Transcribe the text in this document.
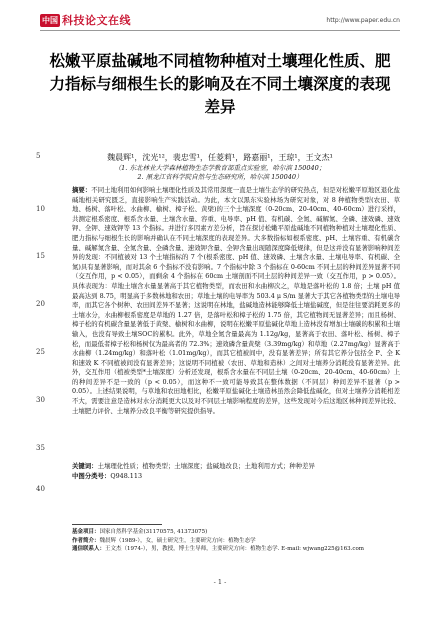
中国 科技论文在线	http://www.paper.edu.cn
松嫩平原盐碱地不同植物种植对土壤理化性质、肥力指标与细根生长的影响及在不同土壤深度的表现差异
魏晨辉¹，沈光¹²，裴忠雪¹，任菱莉¹，路嘉丽¹，王琼¹，王文杰¹
（1. 东北林业大学森林植物生态学教育部重点实验室，哈尔滨 150040；
2. 黑龙江省科学院自然与生态研究所，哈尔滨 150040）
5
10
15
20
25
30
35
40
摘要：不同土地利用如何影响土壤理化性质及其常用深度一直是土壤生态学的研究热点，但是对松嫩平原地区退化盐碱地相关研究匮乏，直接影响生产实践活动。为此，本文以黑东实验林场为研究对象，对 8 种植物类型(农田、草地、杨树、落叶松、水曲柳、榆树、樟子松、黄檗)的三个土壤深度（0-20cm、20-40cm、40-60cm）进行采样，共测定根系密度、根系含水量、土壤含水量、容重、电导率、pH 值、有机碳、全氮、碱解氮、全磷、速效磷、速效钾、全钾、速效钾等 13 个指标。并进行多因素方差分析，旨在探讨松嫩平原盐碱地不同植物种植对土壤理化性质、肥力指标与细根生长的影响并确认在不同土壤深度的表现差异。大多数指标如根系密度、pH、土壤容重、有机碳含量、碱解氮含量、全氮含量、全磷含量、速效钾含量、全钾含量出现随深度降低规律，但是这并没有显著影响种间差异的发现：不同植被对 13 个土壤指标的 7 个(根系密度、pH 值、速效磷、土壤含水量、土壤电导率、有机碳、全氮)具有显著影响，而对其余 6 个指标不没有影响。7 个指标中除 3 个指标在 0-60cm 不同土层的种间差异显著不同（交互作用，p < 0.05），而剩余 4 个指标在 60cm 土壤剖面不同土层的种间差异一致（交互作用，p > 0.05）。具体表现为：草地土壤含水量显著高于其它植物类型，而农田和水曲柳次之，草地是落叶松的 1.8 倍；土壤 pH 值最高达到 8.75，明显高于多数林地和农田；草地土壤的电导率为 503.4 μ S/m 显著大于其它各植物类型的土壤电导率，而其它各个树种、农田间差异不显著；这说明在林地，盐碱地造林能够降低土壤盐碱度，但是往往要消耗更多的土壤水分，水曲柳根系密度是草地的 1.27 倍，是落叶松和樟子松的 1.75 倍，其它植物间无显著差异；而且杨树、樟子松的有机碳含量显著低于黄檗、榆树和水曲柳，说明在松嫩平原盐碱化草地上造林没有增加土壤碳的积累和土壤输入，也没有导致土壤SOC的累积。此外，草地全氮含量最高为 1.12g/kg，显著高于农田、落叶松、杨树、樟子松，而最低者樟子松和杨树仅为最高者的 72.3%；速效磷含量黄檗（3.39mg/kg）和草地（2.27mg/kg）显著高于水曲柳（1.24mg/kg）和落叶松（1.01mg/kg），而其它植被间中，没有显著差异；所有其它养分包括全 P、全 K 和速效 K 不同植被间没有显著差异；这说明不同植被（农田、草地和造林）之间对土壤养分消耗没有显著差异。此外，交互作用（植被类型*土壤深度）分析还发现，根系含水量在不同层土壤（0-20cm、20-40cm、40-60cm）上的种间差异不是一致的（p < 0.05），而这种不一致可能导致其在整体数据（不同层）种间差异不显著（p > 0.05）。上述结果说明，与草地和农田地相比，松嫩平原盐碱化土壤造林虽然会降低盐碱化，但对土壤养分消耗相差不大，需要注意是造林对水分消耗更大以及对不同层土壤影响程度的差异，这些发现对今后这地区林种间差异比较、土壤肥力评价、土壤养分改良平衡等研究提供指导。
关键词：土壤理化性质；植物类型；土壤深度；盐碱地改良；土地利用方式；种种差异
中图分类号：Q948.113
基金项目：国家自然科学基金(31170575, 41373075)
作者简介：魏晨辉（1989-），女，硕士研究生，主要研究方向：植物生态学
通信联系人：王文杰（1974-），男，教授，博士生导师，主要研究方向：植物生态学. E-mail: wjwang225@163.com
- 1 -
